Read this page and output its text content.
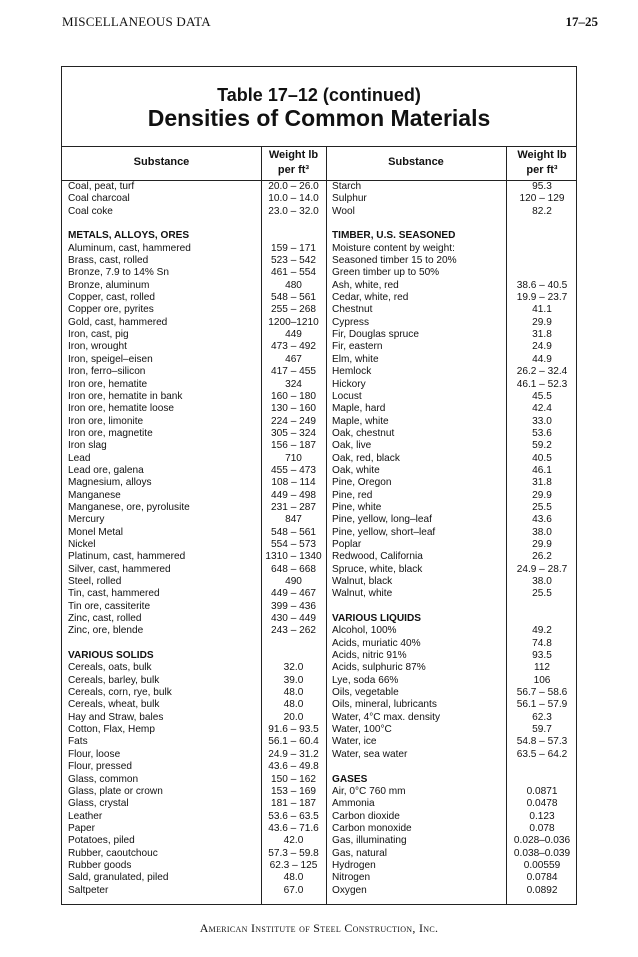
MISCELLANEOUS DATA	17–25
Table 17–12 (continued)
Densities of Common Materials
Substance
Weight lb
per ft³
Substance
Weight lb
per ft³
Coal, peat, turf	20.0 – 26.0
Coal charcoal	10.0 – 14.0
Coal coke	23.0 – 32.0
METALS, ALLOYS, ORES
Aluminum, cast, hammered	159 – 171
Brass, cast, rolled	523 – 542
Bronze, 7.9 to 14% Sn	461 – 554
Bronze, aluminum	480
Copper, cast, rolled	548 – 561
Copper ore, pyrites	255 – 268
Gold, cast, hammered	1200–1210
Iron, cast, pig	449
Iron, wrought	473 – 492
Iron, speigel–eisen	467
Iron, ferro–silicon	417 – 455
Iron ore, hematite	324
Iron ore, hematite in bank	160 – 180
Iron ore, hematite loose	130 – 160
Iron ore, limonite	224 – 249
Iron ore, magnetite	305 – 324
Iron slag	156 – 187
Lead	710
Lead ore, galena	455 – 473
Magnesium, alloys	108 – 114
Manganese	449 – 498
Manganese, ore, pyrolusite	231 – 287
Mercury	847
Monel Metal	548 – 561
Nickel	554 – 573
Platinum, cast, hammered	1310 – 1340
Silver, cast, hammered	648 – 668
Steel, rolled	490
Tin, cast, hammered	449 – 467
Tin ore, cassiterite	399 – 436
Zinc, cast, rolled	430 – 449
Zinc, ore, blende	243 – 262
VARIOUS SOLIDS
Cereals, oats, bulk	32.0
Cereals, barley, bulk	39.0
Cereals, corn, rye, bulk	48.0
Cereals, wheat, bulk	48.0
Hay and Straw, bales	20.0
Cotton, Flax, Hemp	91.6 – 93.5
Fats	56.1 – 60.4
Flour, loose	24.9 – 31.2
Flour, pressed	43.6 – 49.8
Glass, common	150 – 162
Glass, plate or crown	153 – 169
Glass, crystal	181 – 187
Leather	53.6 – 63.5
Paper	43.6 – 71.6
Potatoes, piled	42.0
Rubber, caoutchouc	57.3 – 59.8
Rubber goods	62.3 – 125
Sald, granulated, piled	48.0
Saltpeter	67.0
Starch	95.3
Sulphur	120 – 129
Wool	82.2
TIMBER, U.S. SEASONED
Moisture content by weight:
Seasoned timber 15 to 20%
Green timber up to 50%
Ash, white, red	38.6 – 40.5
Cedar, white, red	19.9 – 23.7
Chestnut	41.1
Cypress	29.9
Fir, Douglas spruce	31.8
Fir, eastern	24.9
Elm, white	44.9
Hemlock	26.2 – 32.4
Hickory	46.1 – 52.3
Locust	45.5
Maple, hard	42.4
Maple, white	33.0
Oak, chestnut	53.6
Oak, live	59.2
Oak, red, black	40.5
Oak, white	46.1
Pine, Oregon	31.8
Pine, red	29.9
Pine, white	25.5
Pine, yellow, long–leaf	43.6
Pine, yellow, short–leaf	38.0
Poplar	29.9
Redwood, California	26.2
Spruce, white, black	24.9 – 28.7
Walnut, black	38.0
Walnut, white	25.5
VARIOUS LIQUIDS
Alcohol, 100%	49.2
Acids, muriatic 40%	74.8
Acids, nitric 91%	93.5
Acids, sulphuric 87%	112
Lye, soda 66%	106
Oils, vegetable	56.7 – 58.6
Oils, mineral, lubricants	56.1 – 57.9
Water, 4°C max. density	62.3
Water, 100°C	59.7
Water, ice	54.8 – 57.3
Water, sea water	63.5 – 64.2
GASES
Air, 0°C 760 mm	0.0871
Ammonia	0.0478
Carbon dioxide	0.123
Carbon monoxide	0.078
Gas, illuminating	0.028–0.036
Gas, natural	0.038–0.039
Hydrogen	0.00559
Nitrogen	0.0784
Oxygen	0.0892
American Institute of Steel Construction, Inc.
